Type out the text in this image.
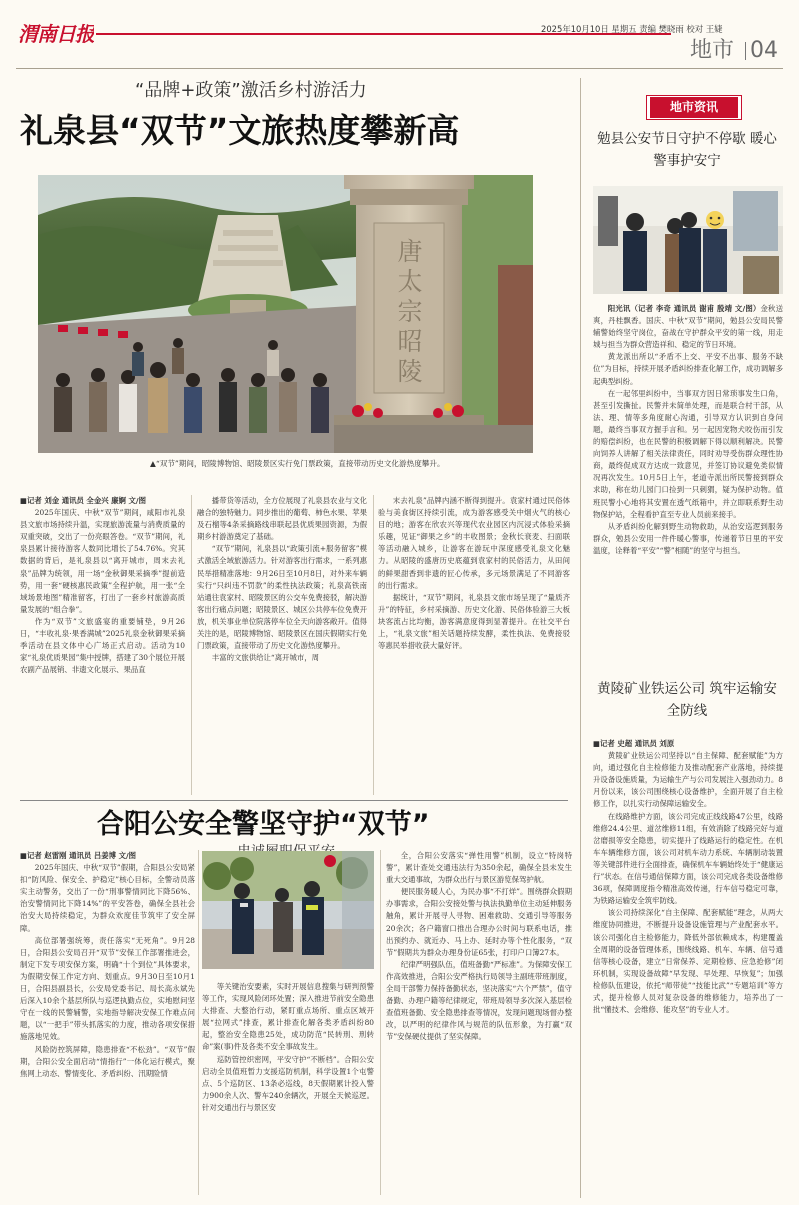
渭南日报	2025年10月10日 星期五 责编 樊晓雨 校对 王婕
地市 04
“品牌+政策”激活乡村游活力
礼泉县“双节”文旅热度攀新高
唐太宗昭陵
▲“双节”期间，昭陵博物馆、昭陵景区实行免门票政策，直接带动历史文化游热度攀升。

■记者 刘金 通讯员 全金兴 廉婀 文/图

2025年国庆、中秋“双节”期间，咸阳市礼泉县文旅市场持续升温，实现旅游流量与消费质量的双重突破，交出了一份亮眼答卷。“双节”期间，礼泉县累计接待游客人数同比增长了54.76%。究其数据的背后，是礼泉县以“离开城市，周末去礼泉”品牌为统领，用一场“金秋御果采摘季”提前造势，用一套“硬核惠民政策”全程护航，用一张“全域场景地图”精准留客，打出了一套乡村旅游高质量发展的“组合拳”。

作为“双节”文旅盛宴的重要铺垫，9月26日，“丰收礼泉·果香满城”2025礼泉金秋御果采摘季活动在县文体中心广场正式启动。活动为10家“礼泉优质果园”集中授牌，搭建了30个展位开展农副产品展销、非遗文化展示、果品直

播带货等活动，全方位展现了礼泉县农业与文化融合的独特魅力。同步推出的葡萄、柿色水果、苹果及石榴等4条采摘路线串联起县优质果园资源，为假期乡村游游奠定了基础。

“双节”期间，礼泉县以“政策引流+服务留客”模式激活全域旅游活力。针对游客出行需求，一系列惠民举措精准落地：9月26日至10月8日，对外来车辆实行“只纠违不罚款”的柔性执法政策；礼泉高铁南站通往袁家村、昭陵景区的公交车免费接驳，解决游客出行痛点问题；昭陵景区、城区公共停车位免费开放，机关事业单位院落停车位全天向游客敞开。值得关注的是，昭陵博物馆、昭陵景区在国庆假期实行免门票政策，直接带动了历史文化游热度攀升。

丰富的文旅供给让“离开城市，周

末去礼泉”品牌内涵不断得到提升。袁家村通过民俗体验与美食街区持续引流，成为游客感受关中烟火气的核心目的地；游客在欣农兴等现代农业园区内沉浸式体验采摘乐趣，见证“御果之乡”的丰收图景；金秋长衰麦、扫面联等活动融入城乡，让游客在游玩中深度感受礼泉文化魅力。从昭陵的盛唐历史底蕴到袁家村的民俗活力，从田间的鲜果甜香到非遗的匠心传承，多元场景满足了不同游客的出行需求。

据统计，“双节”期间，礼泉县文旅市场呈现了“量质齐升”的特征，乡村采摘游、历史文化游、民俗体验游三大板块客流占比均衡，游客满意度得到显著提升。在社交平台上，“礼泉文旅”相关话题持续发酵，柔性执法、免费接驳等惠民举措收获大量好评。

合阳公安全警坚守护“双节”

■记者 赵雷刚 通讯员 吕姜博 文/图

2025年国庆、中秋“双节”假期，合阳县公安局紧扣“防风险、保安全、护稳定”核心目标，全警动员落实主动警务，交出了一份“刑事警情同比下降56%、治安警情同比下降14%”的平安答卷，确保全县社会治安大局持续稳定，为群众欢度佳节筑牢了安全屏障。

高位部署强统筹，责任落实“无死角”。9月28日，合阳县公安局召开“双节”安保工作部署推进会，制定下发专项安保方案，明确“十个到位”具体要求，为假期安保工作定方向、划重点。9月30日至10月1日，合阳县副县长，公安局党委书记、局长高永斌先后深入10余个基层所队与巡逻执勤点位，实地慰问坚守在一线的民警辅警，实地指导解决安保工作难点问题，以“一把手”带头抓落实的力度，推动各项安保措施落地见效。

风险防控筑屏障，隐患排查“不松劲”。“双节”假期，合阳公安全面启动“情指行”一体化运行模式，聚焦网上动态、警情变化、矛盾纠纷、汛期险情

等关键治安要素，实时开展信息搜集与研判预警等工作，实现风险闭环处置；深入推进节前安全隐患大排查、大整治行动，紧盯重点场所、重点区域开展“拉网式”排查，累计排查化解各类矛盾纠纷80起，整治安全隐患25处，成功防范“民转刑、刑转命”案(事)件及各类不安全事故发生。

巡防管控织密网，平安守护“不断档”。合阳公安启动全员值班暂力支援巡防机制，科学设置1个屯警点、5个巡防区、13条必巡线，8天假期累计投入警力900余人次、警车240余辆次，开展全天候巡逻。针对交通出行与景区安

全，合阳公安落实“弹性用警”机制，设立“特岗特警”，累计查处交通违法行为350余起，确保全县未发生重大交通事故，为群众出行与景区游览保驾护航。

便民服务暖人心，为民办事“不打烊”。围绕群众假期办事需求，合阳公安接处警与执法执勤单位主动延伸服务触角，累计开展寻人寻物、困难救助、交通引导等服务20余次；各户籍窗口推出合理办公时间与联系电话，推出预约办、就近办、马上办、延时办等个性化服务，“双节”假期共为群众办理身份证65张，打印户口簿27本。

纪律严明强队伍，值班备勤“严标准”。为保障安保工作高效推进，合阳公安严格执行局领导主副班带班制度，全局干部警力保持备勤状态，坚决落实“六个严禁”，值守备勤、办理户籍等纪律规定，带班局领导多次深入基层检查值班备勤、安全隐患排查等情况，发现问题现场督办整改，以严明的纪律作风与规范的队伍形象，为打赢“双节”安保硬仗提供了坚实保障。

地市资讯
勉县公安节日守护不停歇 暖心警事护安宁

阳光讯（记者 李奇 通讯员 谢甫 殷靖 文/图）金秋送爽，丹桂飘香。国庆、中秋“双节”期间，勉县公安局民警辅警始终坚守岗位，奋战在守护群众平安的第一线，用走城与担当为群众营造祥和、稳定的节日环境。

黄龙派出所以“矛盾不上交、平安不出事、服务不缺位”为目标，持续开展矛盾纠纷排查化解工作，成功调解多起典型纠纷。

在一起邻里纠纷中，当事双方因日常琐事发生口角，甚至引发撕扯。民警并未简单处理，而是联合村干部，从法、理、情等多角度耐心沟通，引导双方认识到自身问题，最终当事双方握手言和。另一起因宠物犬咬伤而引发的赔偿纠纷，也在民警的积极调解下得以顺利解决。民警向饲养人讲解了相关法律责任，同时劝导受伤群众理性协商，最终促成双方达成一致意见，并签订协议避免类似情况再次发生。10月5日上午，老道寺派出所民警接到群众求助，称在幼儿园门口捡到一只刺猬，疑为保护动物。值班民警小心地将其安置在透气纸箱中，并立即联系野生动物保护站，全程看护直至专业人员前来接手。

从矛盾纠纷化解到野生动物救助，从治安巡逻到服务群众，勉县公安用一件件暖心警事，传递着节日里的平安温度，诠释着“平安”“警”相随”的坚守与担当。

黄陵矿业铁运公司 筑牢运输安全防线

■记者 史超 通讯员 刘原

黄陵矿业铁运公司坚持以“自主保障、配套赋能”为方向，通过强化自主检修能力及推动配套产业落地，持续提升设备设施质量，为运输生产与公司发展注入强劲动力。8月份以来，该公司围绕核心设备维护，全面开展了自主检修工作，以扎实行动保障运输安全。

在线路维护方面，该公司完成正线线路47公里，线路维修24.4公里、道岔维修11组，有效消除了线路完好与道岔磨损等安全隐患，切实提升了线路运行的稳定性。在机车车辆维修方面，该公司对机车动力系统、车辆制动装置等关键部件进行全面排查，确保机车车辆始终处于“健康运行”状态。在信号通信保障方面，该公司完成各类设备维修36项，保障调度指令精准高效传递，行车信号稳定可靠，为铁路运输安全筑牢防线。

该公司持续深化“自主保障、配套赋能”理念，从两大维度协同推进，不断提升设备设施管理与产业配套水平。该公司强化自主检修能力，降低外部依赖成本，构建覆盖全周期的设备管理体系，围绕线路、机车、车辆、信号通信等核心设备，建立“日常保养、定期检修、应急抢修”闭环机制，实现设备故障“早发现、早处理、早恢复”；加强检修队伍建设，依托“师带徒”“技能比武”“专题培训”等方式，提升检修人员对复杂设备的维修能力，培养出了一批“懂技术、会维修、能攻坚”的专业人才。
